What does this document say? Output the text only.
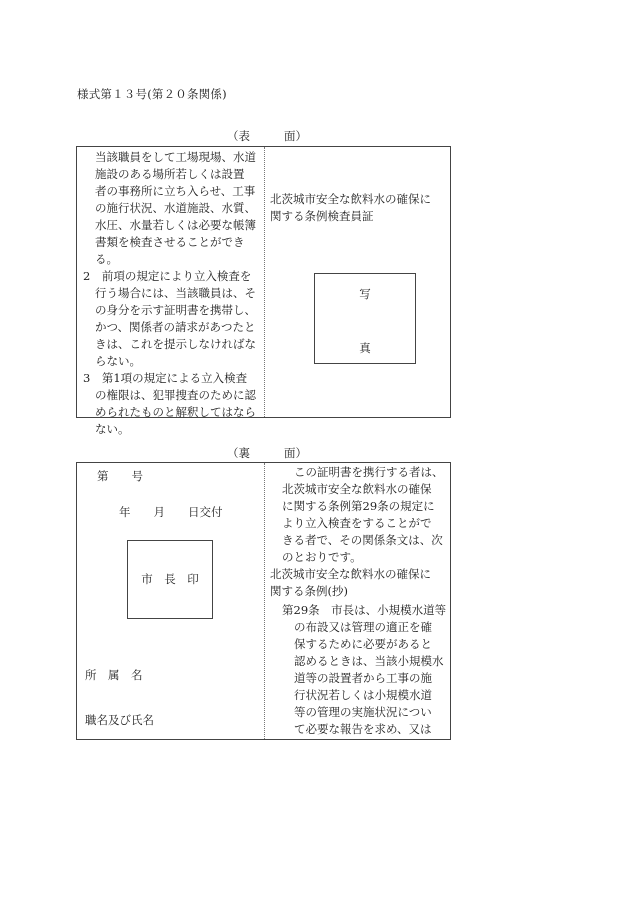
様式第１３号(第２０条関係)
（表	面）
当該職員をして工場現場、水道
施設のある場所若しくは設置
者の事務所に立ち入らせ、工事
の施行状況、水道施設、水質、
水圧、水量若しくは必要な帳簿
書類を検査させることができ
る。
2　前項の規定により立入検査を
行う場合には、当該職員は、そ
の身分を示す証明書を携帯し、
かつ、関係者の請求があつたと
きは、これを提示しなければな
らない。
3　第1項の規定による立入検査
の権限は、犯罪捜査のために認
められたものと解釈してはなら
ない。
北茨城市安全な飲料水の確保に
関する条例検査員証
写
真
（裏	面）
第　　号
年　　月　　日交付
市　長　印
所　属　名
職名及び氏名
この証明書を携行する者は、
北茨城市安全な飲料水の確保
に関する条例第29条の規定に
より立入検査をすることがで
きる者で、その関係条文は、次
のとおりです。
北茨城市安全な飲料水の確保に
関する条例(抄)
第29条　市長は、小規模水道等
の布設又は管理の適正を確
保するために必要があると
認めるときは、当該小規模水
道等の設置者から工事の施
行状況若しくは小規模水道
等の管理の実施状況につい
て必要な報告を求め、又は
